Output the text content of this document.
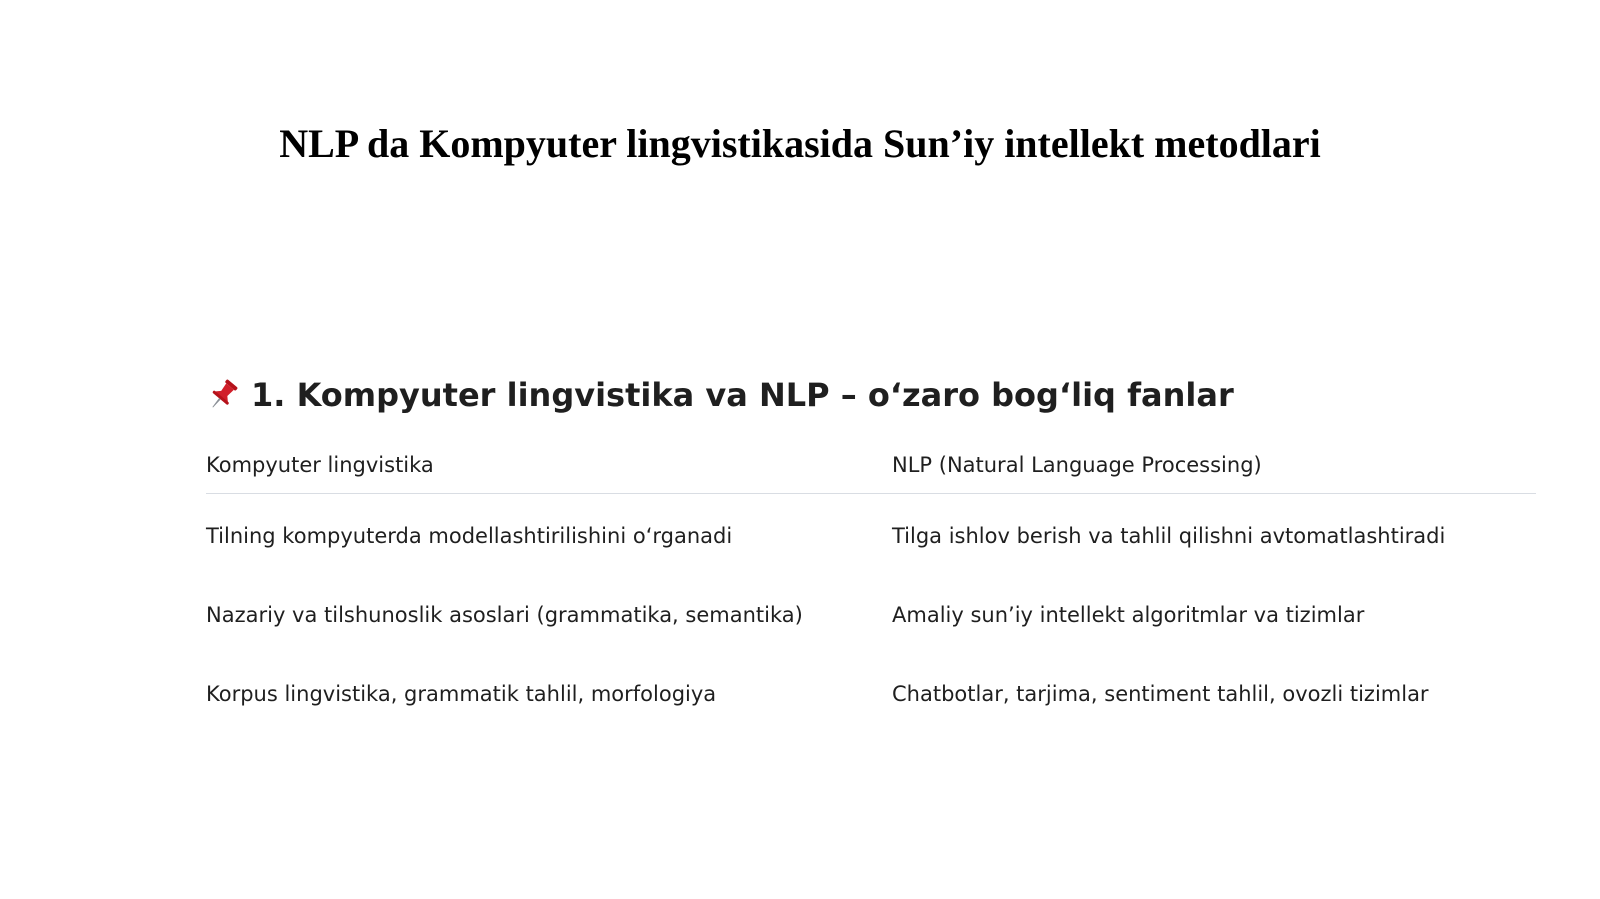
NLP da Kompyuter lingvistikasida Sun’iy intellekt metodlari
1. Kompyuter lingvistika va NLP – o‘zaro bog‘liq fanlar
Kompyuter lingvistika	NLP (Natural Language Processing)
Tilning kompyuterda modellashtirilishini o‘rganadi	Tilga ishlov berish va tahlil qilishni avtomatlashtiradi
Nazariy va tilshunoslik asoslari (grammatika, semantika)	Amaliy sun’iy intellekt algoritmlar va tizimlar
Korpus lingvistika, grammatik tahlil, morfologiya	Chatbotlar, tarjima, sentiment tahlil, ovozli tizimlar
